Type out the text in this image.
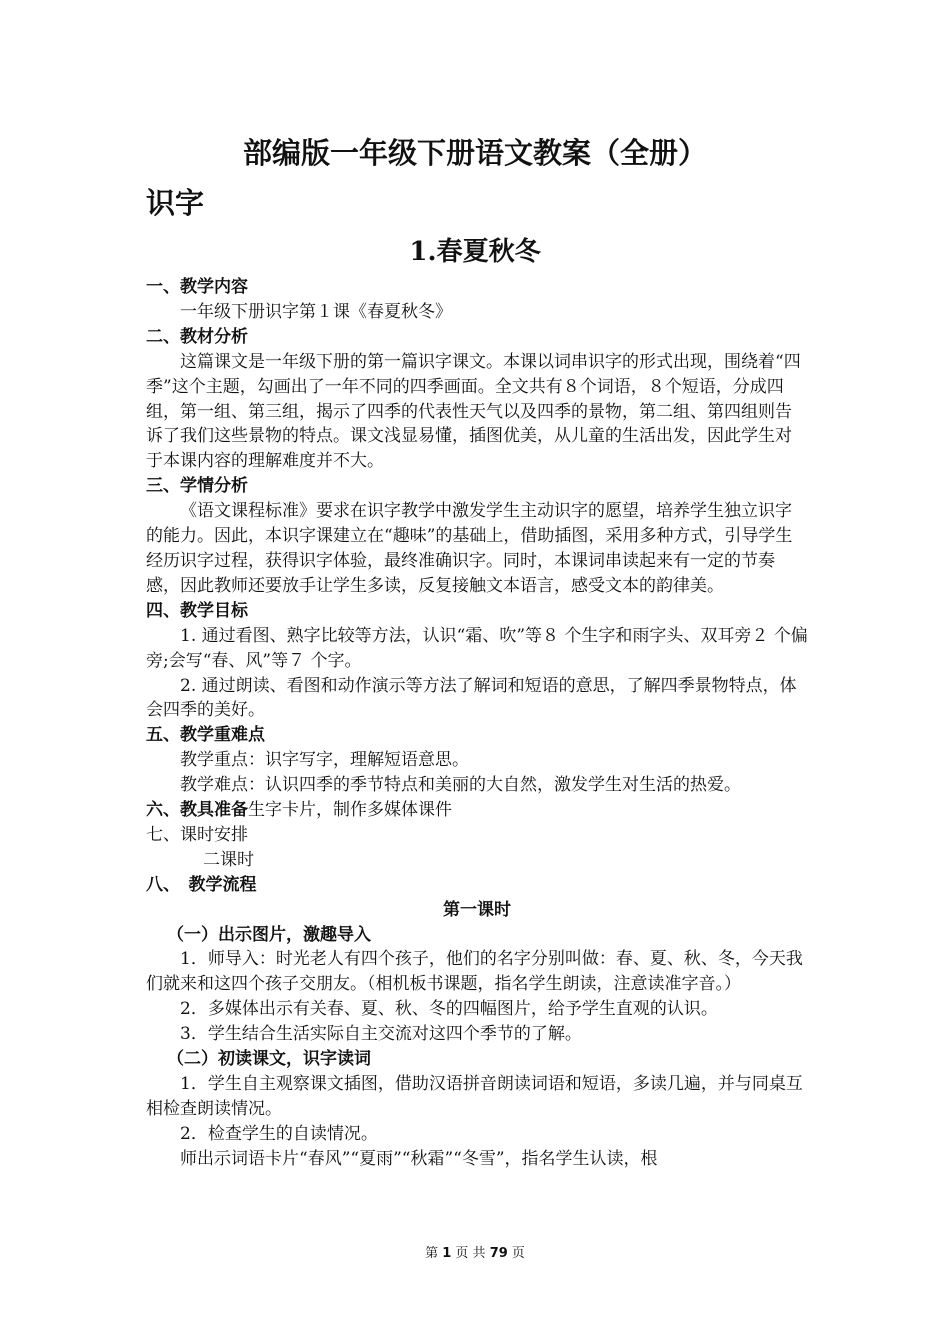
部编版一年级下册语文教案（全册）
识字
1.春夏秋冬

一、教学内容

一年级下册识字第１课《春夏秋冬》

二、教材分析

这篇课文是一年级下册的第一篇识字课文。本课以词串识字的形式出现，围绕着“四季”这个主题，勾画出了一年不同的四季画面。全文共有８个词语，８个短语，分成四组，第一组、第三组，揭示了四季的代表性天气以及四季的景物，第二组、第四组则告诉了我们这些景物的特点。课文浅显易懂，插图优美，从儿童的生活出发，因此学生对于本课内容的理解难度并不大。

三、学情分析

《语文课程标准》要求在识字教学中激发学生主动识字的愿望，培养学生独立识字的能力。因此，本识字课建立在“趣味”的基础上，借助插图，采用多种方式，引导学生经历识字过程，获得识字体验，最终准确识字。同时，本课词串读起来有一定的节奏感，因此教师还要放手让学生多读，反复接触文本语言，感受文本的韵律美。

四、教学目标

1. 通过看图、熟字比较等方法，认识“霜、吹”等８ 个生字和雨字头、双耳旁２ 个偏旁;会写“春、风”等７ 个字。

2. 通过朗读、看图和动作演示等方法了解词和短语的意思，了解四季景物特点，体会四季的美好。

五、教学重难点

教学重点：识字写字，理解短语意思。

教学难点：认识四季的季节特点和美丽的大自然，激发学生对生活的热爱。

六、教具准备生字卡片，制作多媒体课件

七、课时安排

二课时

八、　教学流程

第一课时

（一）出示图片，激趣导入

1．师导入：时光老人有四个孩子，他们的名字分别叫做：春、夏、秋、冬，今天我们就来和这四个孩子交朋友。（相机板书课题，指名学生朗读，注意读准字音。）

2．多媒体出示有关春、夏、秋、冬的四幅图片，给予学生直观的认识。

3．学生结合生活实际自主交流对这四个季节的了解。

（二）初读课文，识字读词

1．学生自主观察课文插图，借助汉语拼音朗读词语和短语，多读几遍，并与同桌互相检查朗读情况。

2．检查学生的自读情况。

师出示词语卡片“春风”“夏雨”“秋霜”“冬雪”，指名学生认读，根

第 1 页 共 79 页
